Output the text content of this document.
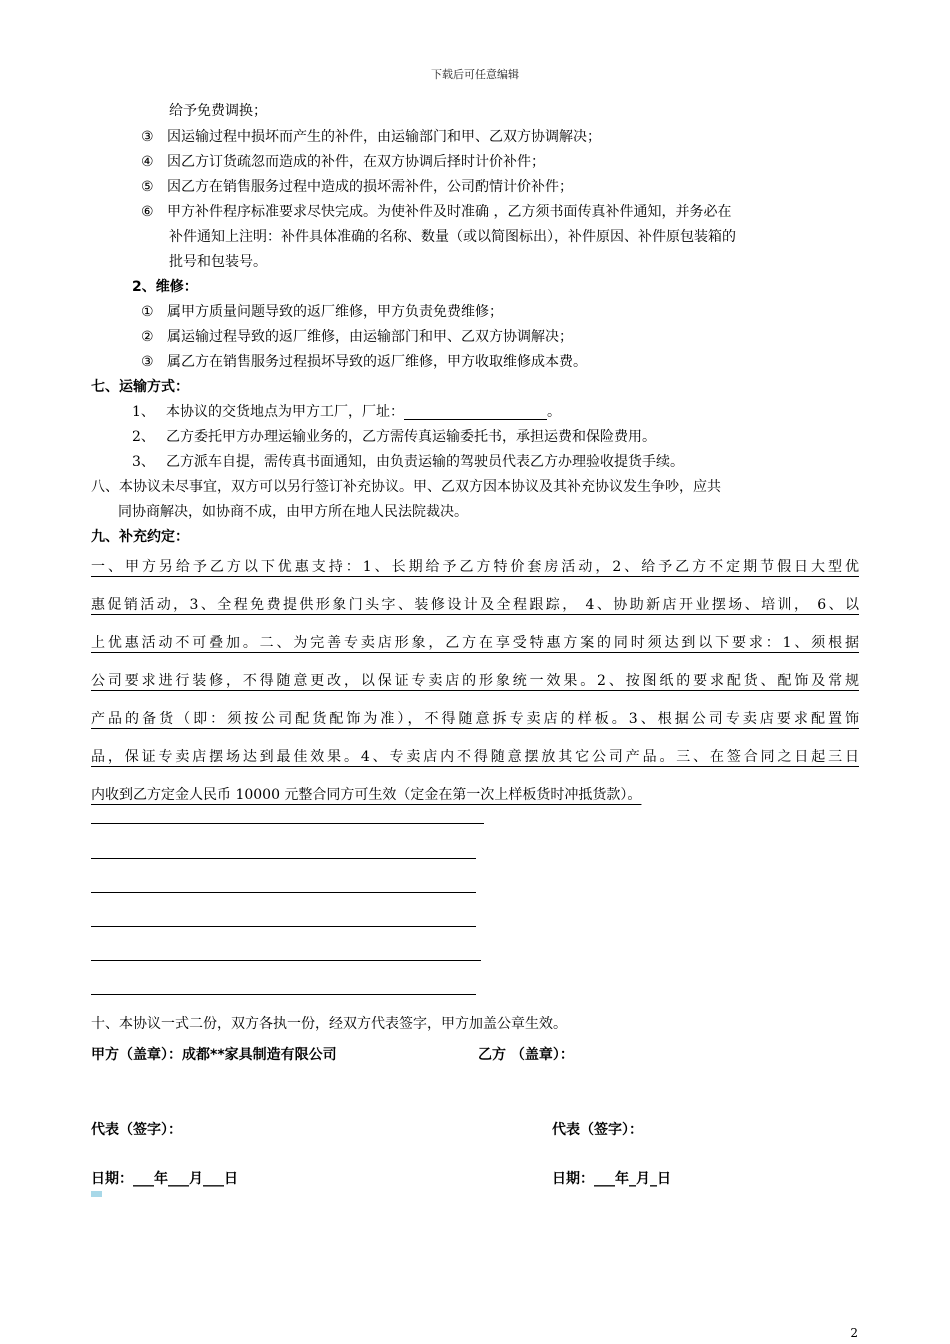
下载后可任意编辑
给予免费调换；
③ 因运输过程中损坏而产生的补件，由运输部门和甲、乙双方协调解决；
④ 因乙方订货疏忽而造成的补件，在双方协调后择时计价补件；
⑤ 因乙方在销售服务过程中造成的损坏需补件，公司酌情计价补件；
⑥ 甲方补件程序标准要求尽快完成。为使补件及时准确 ，乙方须书面传真补件通知，并务必在
补件通知上注明：补件具体准确的名称、数量（或以简图标出），补件原因、补件原包装箱的
批号和包装号。
2、维修：
① 属甲方质量问题导致的返厂维修，甲方负责免费维修；
② 属运输过程导致的返厂维修，由运输部门和甲、乙双方协调解决；
③ 属乙方在销售服务过程损坏导致的返厂维修，甲方收取维修成本费。
七、运输方式：
1、 本协议的交货地点为甲方工厂，厂址：	。
2、 乙方委托甲方办理运输业务的，乙方需传真运输委托书，承担运费和保险费用。
3、 乙方派车自提，需传真书面通知，由负责运输的驾驶员代表乙方办理验收提货手续。
八、本协议未尽事宜，双方可以另行签订补充协议。甲、乙双方因本协议及其补充协议发生争吵，应共
同协商解决，如协商不成，由甲方所在地人民法院裁决。
九、补充约定：
一、甲方另给予乙方以下优惠支持：1、长期给予乙方特价套房活动，2、给予乙方不定期节假日大型优
惠促销活动，3、全程免费提供形象门头字、装修设计及全程跟踪， 4、协助新店开业摆场、培训， 6、以
上优惠活动不可叠加。二、为完善专卖店形象，乙方在享受特惠方案的同时须达到以下要求：1、须根据
公司要求进行装修，不得随意更改，以保证专卖店的形象统一效果。2、按图纸的要求配货、配饰及常规
产品的备货（即：须按公司配货配饰为准），不得随意拆专卖店的样板。3、根据公司专卖店要求配置饰
品，保证专卖店摆场达到最佳效果。4、专卖店内不得随意摆放其它公司产品。三、在签合同之日起三日
内收到乙方定金人民币 10000 元整合同方可生效（定金在第一次上样板货时冲抵货款）。
十、本协议一式二份，双方各执一份，经双方代表签字，甲方加盖公章生效。
甲方（盖章）：成都**家具制造有限公司	乙方 （盖章）：
代表（签字）：	代表（签字）：
日期：___年___月___日	日期：___年_月_日
2
